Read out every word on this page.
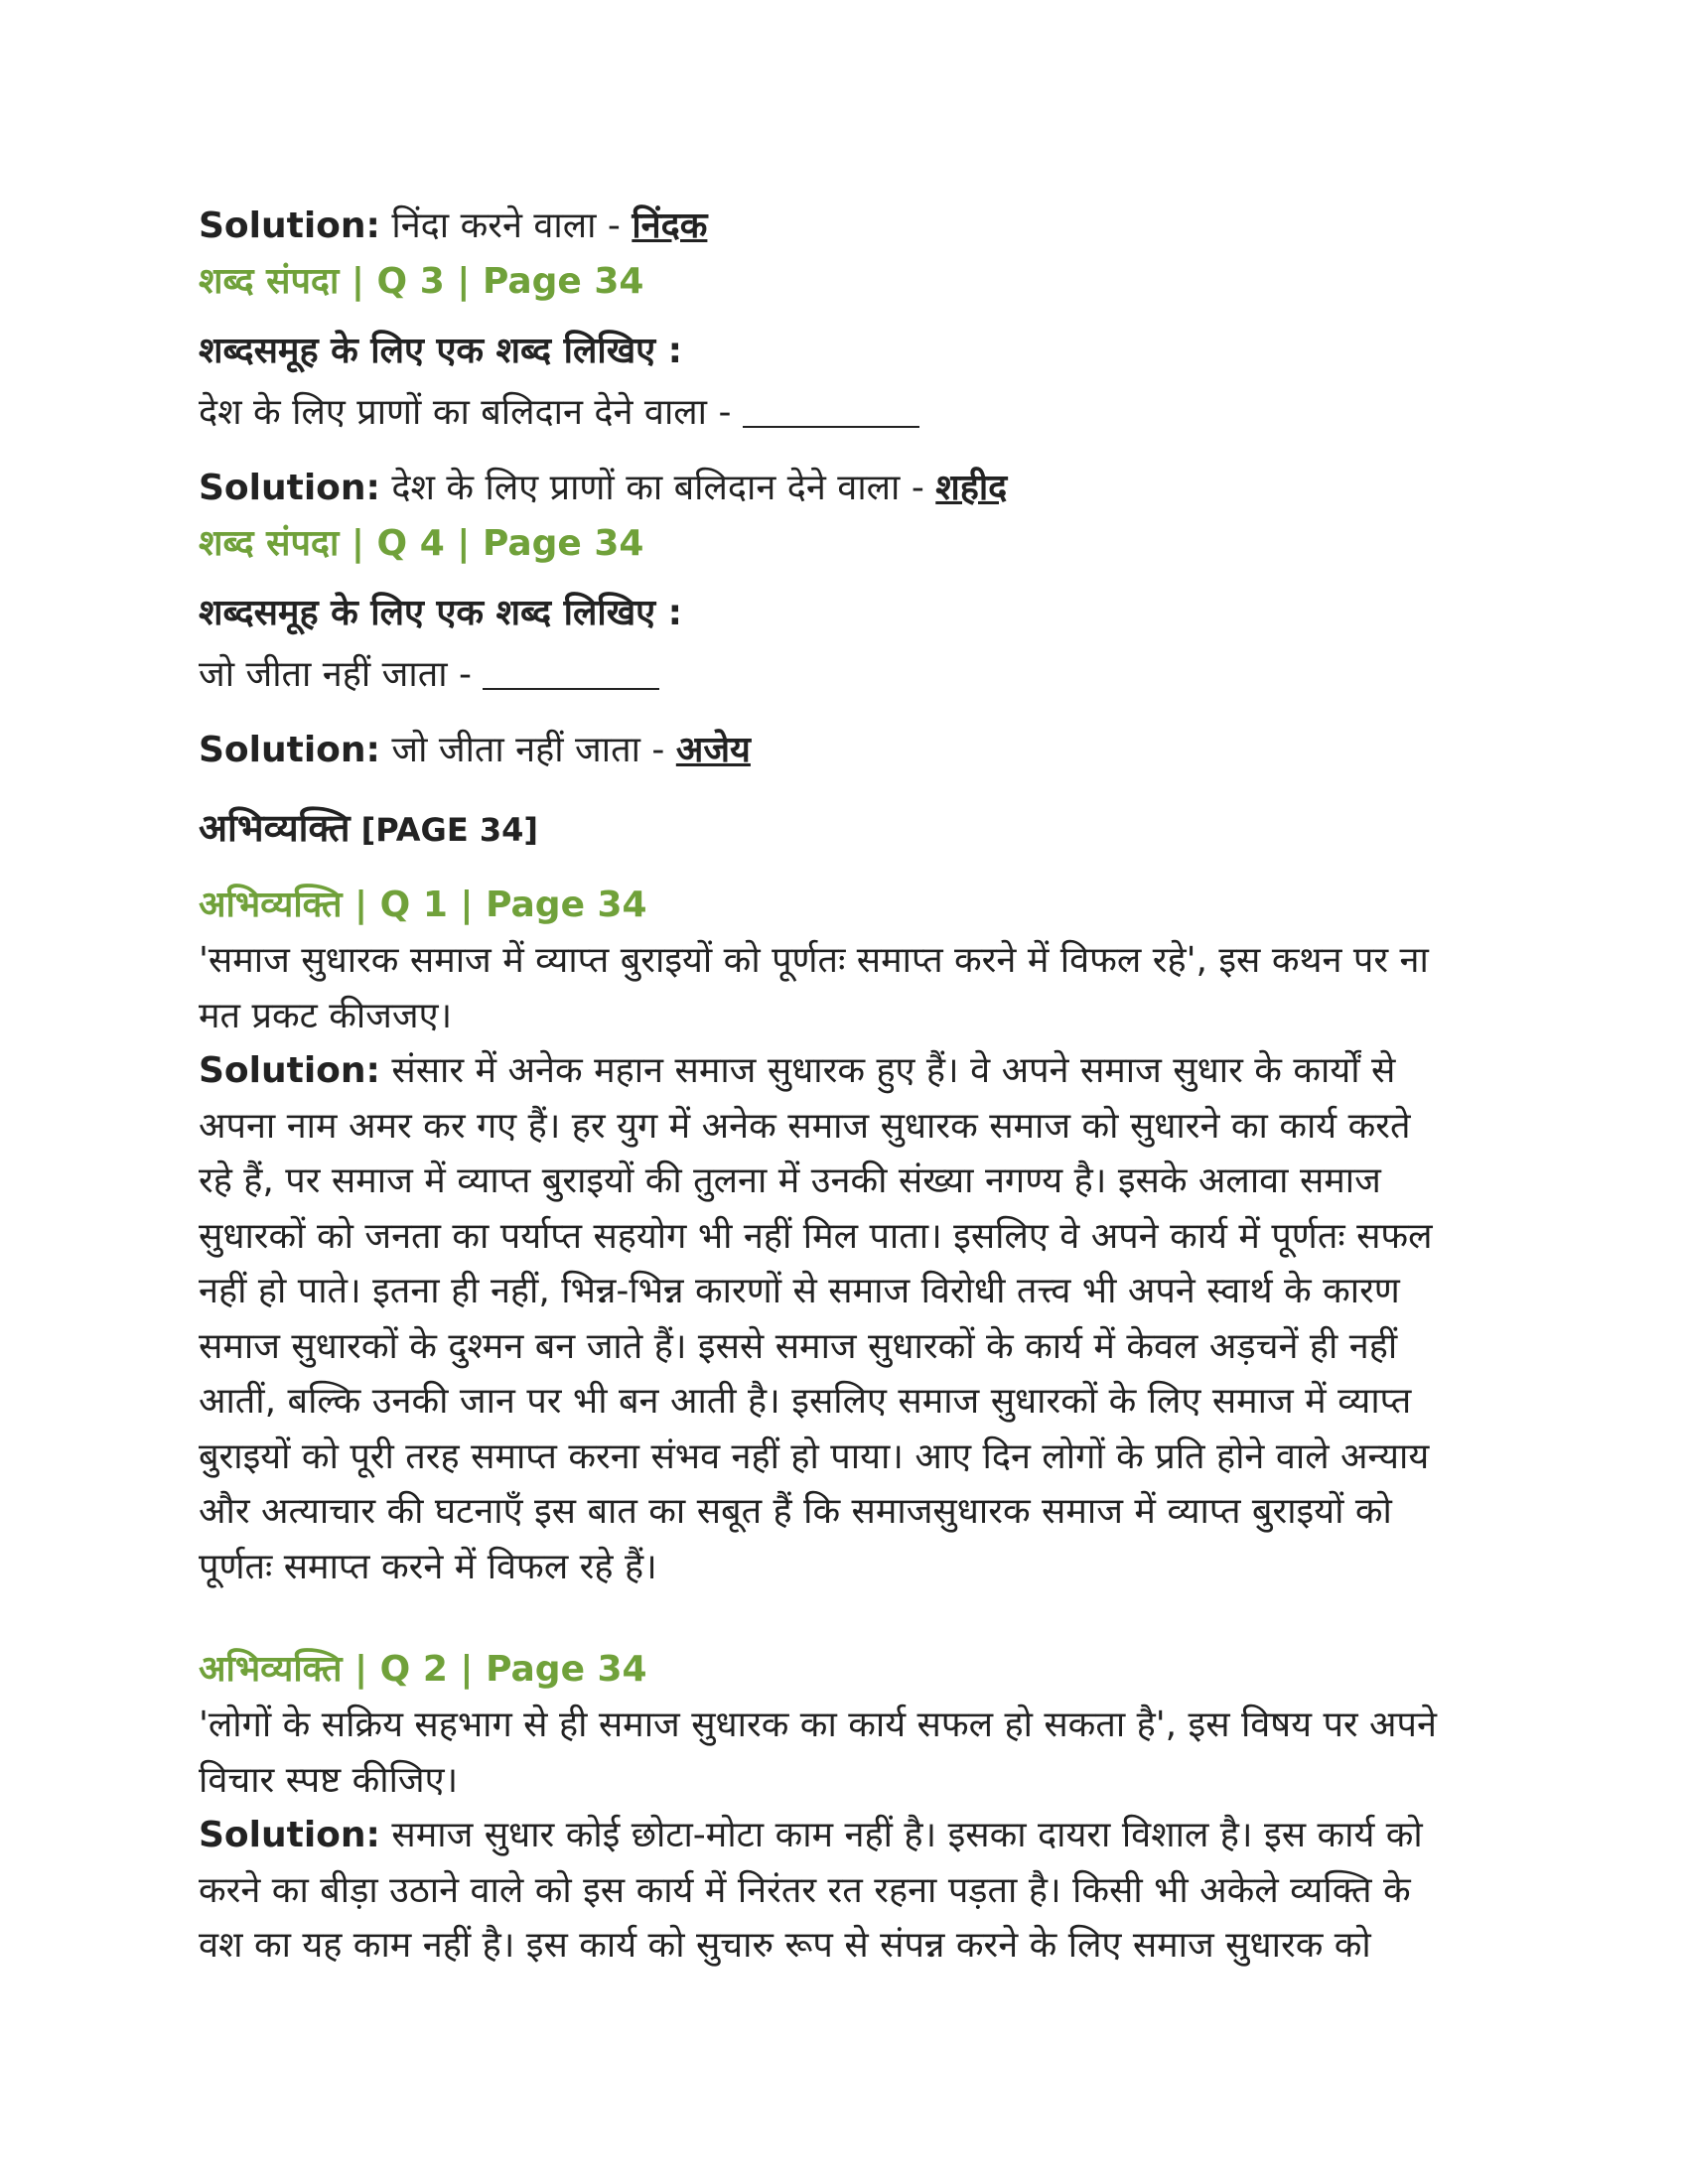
Solution: निंदा करने वाला - निंदक

शब्द संपदा | Q 3 | Page 34

शब्दसमूह के लिए एक शब्द लिखिए :

देश के लिए प्राणों का बलिदान देने वाला -

Solution: देश के लिए प्राणों का बलिदान देने वाला - शहीद

शब्द संपदा | Q 4 | Page 34

शब्दसमूह के लिए एक शब्द लिखिए :

जो जीता नहीं जाता -

Solution: जो जीता नहीं जाता - अजेय

अभिव्यक्ति [PAGE 34]

अभिव्यक्ति | Q 1 | Page 34

'समाज सुधारक समाज में व्याप्त बुराइयों को पूर्णतः समाप्त करने में विफल रहे', इस कथन पर ना

मत प्रकट कीजजए।

Solution: संसार में अनेक महान समाज सुधारक हुए हैं। वे अपने समाज सुधार के कार्यों से

अपना नाम अमर कर गए हैं। हर युग में अनेक समाज सुधारक समाज को सुधारने का कार्य करते

रहे हैं, पर समाज में व्याप्त बुराइयों की तुलना में उनकी संख्या नगण्य है। इसके अलावा समाज

सुधारकों को जनता का पर्याप्त सहयोग भी नहीं मिल पाता। इसलिए वे अपने कार्य में पूर्णतः सफल

नहीं हो पाते। इतना ही नहीं, भिन्न-भिन्न कारणों से समाज विरोधी तत्त्व भी अपने स्वार्थ के कारण

समाज सुधारकों के दुश्मन बन जाते हैं। इससे समाज सुधारकों के कार्य में केवल अड़चनें ही नहीं

आतीं, बल्कि उनकी जान पर भी बन आती है। इसलिए समाज सुधारकों के लिए समाज में व्याप्त

बुराइयों को पूरी तरह समाप्त करना संभव नहीं हो पाया। आए दिन लोगों के प्रति होने वाले अन्याय

और अत्याचार की घटनाएँ इस बात का सबूत हैं कि समाजसुधारक समाज में व्याप्त बुराइयों को

पूर्णतः समाप्त करने में विफल रहे हैं।

अभिव्यक्ति | Q 2 | Page 34

'लोगों के सक्रिय सहभाग से ही समाज सुधारक का कार्य सफल हो सकता है', इस विषय पर अपने

विचार स्पष्ट कीजिए।

Solution: समाज सुधार कोई छोटा-मोटा काम नहीं है। इसका दायरा विशाल है। इस कार्य को

करने का बीड़ा उठाने वाले को इस कार्य में निरंतर रत रहना पड़ता है। किसी भी अकेले व्यक्ति के

वश का यह काम नहीं है। इस कार्य को सुचारु रूप से संपन्न करने के लिए समाज सुधारक को
